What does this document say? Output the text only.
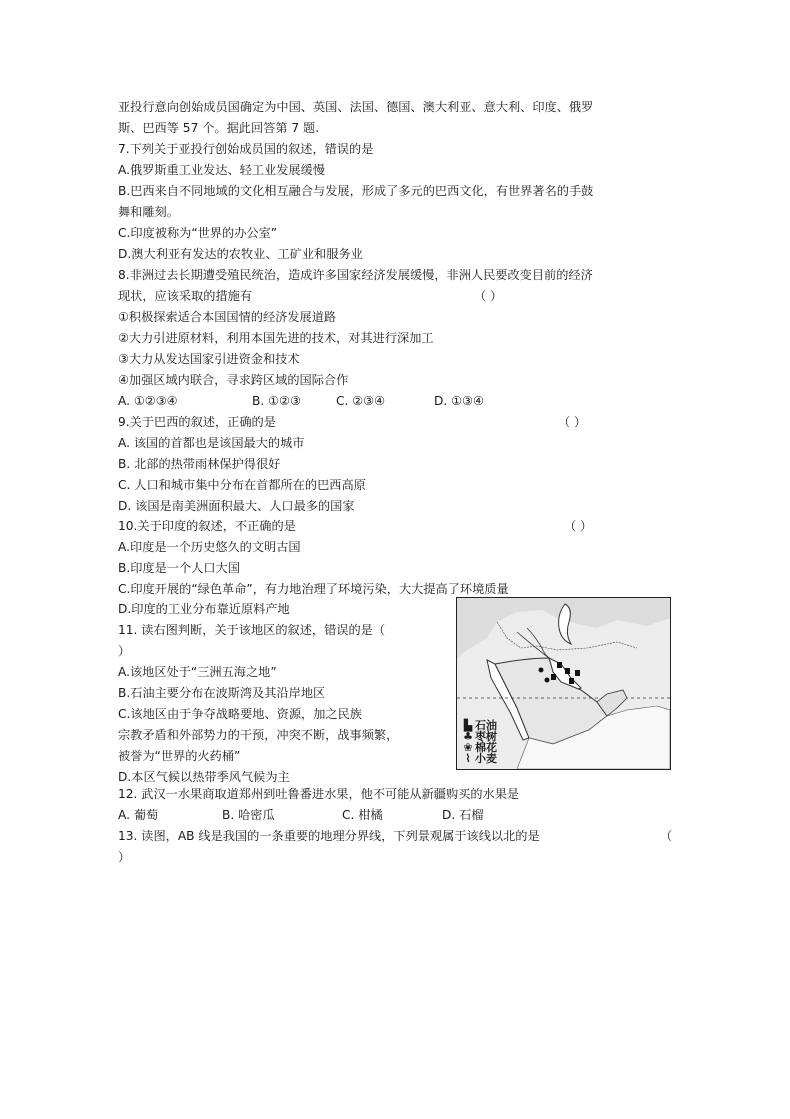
亚投行意向创始成员国确定为中国、英国、法国、德国、澳大利亚、意大利、印度、俄罗
斯、巴西等 57 个。据此回答第 7 题.
7.下列关于亚投行创始成员国的叙述，错误的是
A.俄罗斯重工业发达、轻工业发展缓慢
B.巴西来自不同地域的文化相互融合与发展，形成了多元的巴西文化，有世界著名的手鼓
舞和雕刻。
C.印度被称为“世界的办公室”
D.澳大利亚有发达的农牧业、工矿业和服务业
8.非洲过去长期遭受殖民统治，造成许多国家经济发展缓慢，非洲人民要改变目前的经济
现状，应该采取的措施有	（ ）
①积极探索适合本国国情的经济发展道路
②大力引进原材料，利用本国先进的技术，对其进行深加工
③大力从发达国家引进资金和技术
④加强区域内联合，寻求跨区域的国际合作
A. ①②③④	B. ①②③	C. ②③④	D. ①③④
9.关于巴西的叙述，正确的是	（ ）
A. 该国的首都也是该国最大的城市
B. 北部的热带雨林保护得很好
C. 人口和城市集中分布在首都所在的巴西高原
D. 该国是南美洲面积最大、人口最多的国家
10.关于印度的叙述，不正确的是	（ ）
A.印度是一个历史悠久的文明古国
B.印度是一个人口大国
C.印度开展的“绿色革命”，有力地治理了环境污染，大大提高了环境质量
D.印度的工业分布靠近原料产地
11. 读右图判断，关于该地区的叙述，错误的是（
）
A.该地区处于“三洲五海之地”
B.石油主要分布在波斯湾及其沿岸地区
C.该地区由于争夺战略要地、资源，加之民族
宗教矛盾和外部势力的干预，冲突不断，战事频繁，
被誉为“世界的火药桶”
D.本区气候以热带季风气候为主
▙ 石油
♣ 枣树
❀ 棉花
⌇ 小麦
12. 武汉一水果商取道郑州到吐鲁番进水果，他不可能从新疆购买的水果是
A. 葡萄	B. 哈密瓜	C. 柑橘	D. 石榴
13. 读图，AB 线是我国的一条重要的地理分界线，下列景观属于该线以北的是	（
）
